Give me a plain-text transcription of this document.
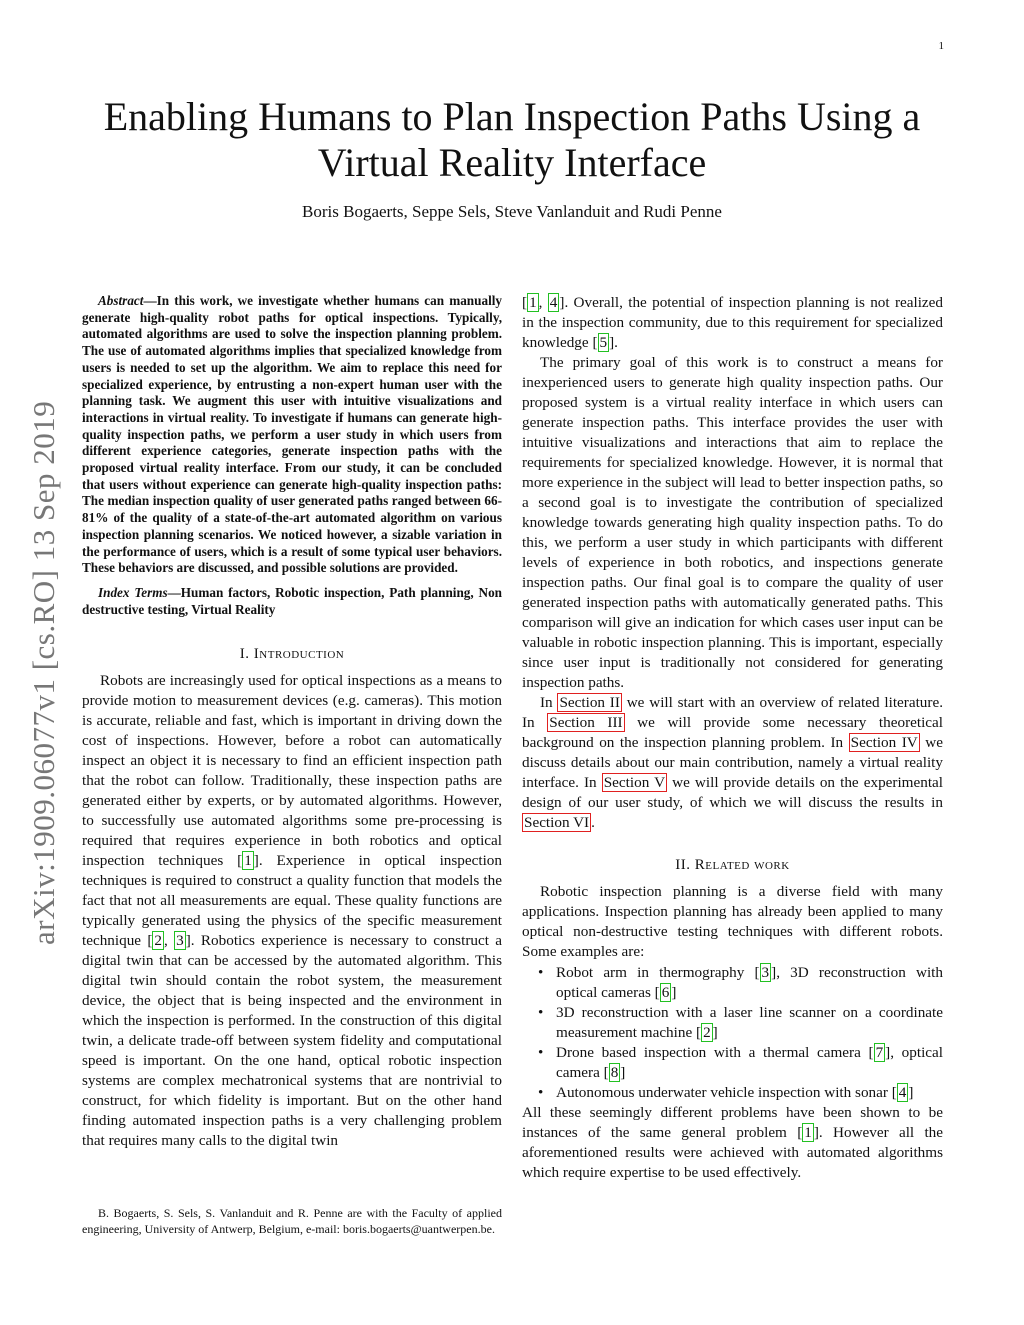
1
arXiv:1909.06077v1 [cs.RO] 13 Sep 2019
Enabling Humans to Plan Inspection Paths Using a Virtual Reality Interface
Boris Bogaerts, Seppe Sels, Steve Vanlanduit and Rudi Penne

Abstract—In this work, we investigate whether humans can manually generate high-quality robot paths for optical inspections. Typically, automated algorithms are used to solve the inspection planning problem. The use of automated algorithms implies that specialized knowledge from users is needed to set up the algorithm. We aim to replace this need for specialized experience, by entrusting a non-expert human user with the planning task. We augment this user with intuitive visualizations and interactions in virtual reality. To investigate if humans can generate high-quality inspection paths, we perform a user study in which users from different experience categories, generate inspection paths with the proposed virtual reality interface. From our study, it can be concluded that users without experience can generate high-quality inspection paths: The median inspection quality of user generated paths ranged between 66-81% of the quality of a state-of-the-art automated algorithm on various inspection planning scenarios. We noticed however, a sizable variation in the performance of users, which is a result of some typical user behaviors. These behaviors are discussed, and possible solutions are provided.

Index Terms—Human factors, Robotic inspection, Path planning, Non destructive testing, Virtual Reality

I. Introduction

Robots are increasingly used for optical inspections as a means to provide motion to measurement devices (e.g. cameras). This motion is accurate, reliable and fast, which is important in driving down the cost of inspections. However, before a robot can automatically inspect an object it is necessary to find an efficient inspection path that the robot can follow. Traditionally, these inspection paths are generated either by experts, or by automated algorithms. However, to successfully use automated algorithms some pre-processing is required that requires experience in both robotics and optical inspection techniques [ 1 ]. Experience in optical inspection techniques is required to construct a quality function that models the fact that not all measurements are equal. These quality functions are typically generated using the physics of the specific measurement technique [ 2 , 3 ]. Robotics experience is necessary to construct a digital twin that can be accessed by the automated algorithm. This digital twin should contain the robot system, the measurement device, the object that is being inspected and the environment in which the inspection is performed. In the construction of this digital twin, a delicate trade-off between system fidelity and computational speed is important. On the one hand, optical robotic inspection systems are complex mechatronical systems that are nontrivial to construct, for which fidelity is important. But on the other hand finding automated inspection paths is a very challenging problem that requires many calls to the digital twin

[ 1 , 4 ]. Overall, the potential of inspection planning is not realized in the inspection community, due to this requirement for specialized knowledge [ 5 ].

The primary goal of this work is to construct a means for inexperienced users to generate high quality inspection paths. Our proposed system is a virtual reality interface in which users can generate inspection paths. This interface provides the user with intuitive visualizations and interactions that aim to replace the requirements for specialized knowledge. However, it is normal that more experience in the subject will lead to better inspection paths, so a second goal is to investigate the contribution of specialized knowledge towards generating high quality inspection paths. To do this, we perform a user study in which participants with different levels of experience in both robotics, and inspections generate inspection paths. Our final goal is to compare the quality of user generated inspection paths with automatically generated paths. This comparison will give an indication for which cases user input can be valuable in robotic inspection planning. This is important, especially since user input is traditionally not considered for generating inspection paths.

In Section II we will start with an overview of related literature. In Section III we will provide some necessary theoretical background on the inspection planning problem. In Section IV we discuss details about our main contribution, namely a virtual reality interface. In Section V we will provide details on the experimental design of our user study, of which we will discuss the results in Section VI .

II. Related work

Robotic inspection planning is a diverse field with many applications. Inspection planning has already been applied to many optical non-destructive testing techniques with different robots. Some examples are:

• Robot arm in thermography [ 3 ], 3D reconstruction with optical cameras [ 6 ]
• 3D reconstruction with a laser line scanner on a coordinate measurement machine [ 2 ]
• Drone based inspection with a thermal camera [ 7 ], optical camera [ 8 ]
• Autonomous underwater vehicle inspection with sonar [ 4 ]

All these seemingly different problems have been shown to be instances of the same general problem [ 1 ]. However all the aforementioned results were achieved with automated algorithms which require expertise to be used effectively.

B. Bogaerts, S. Sels, S. Vanlanduit and R. Penne are with the Faculty of applied engineering, University of Antwerp, Belgium, e-mail: boris.bogaerts@uantwerpen.be.
